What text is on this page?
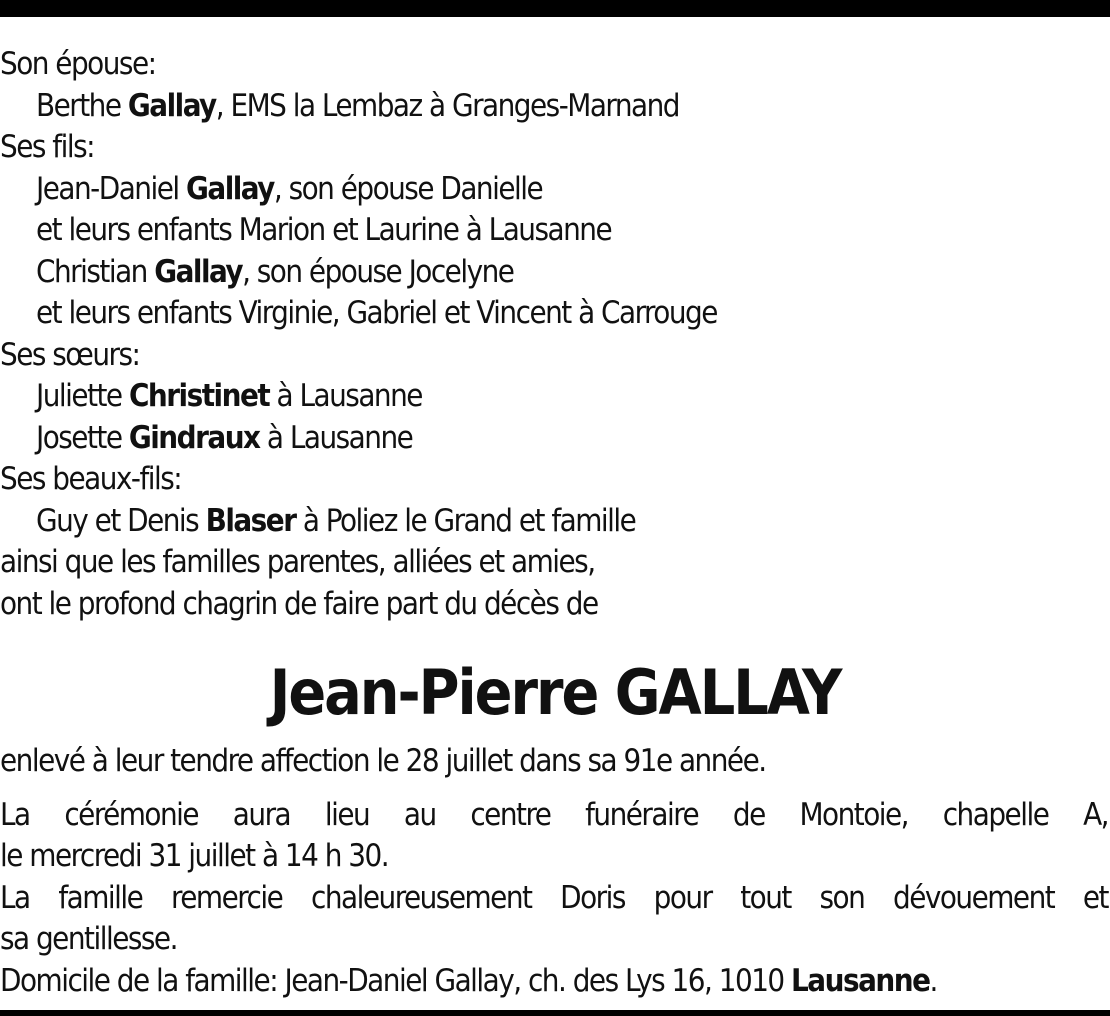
Son épouse:
Berthe Gallay, EMS la Lembaz à Granges-Marnand
Ses fils:
Jean-Daniel Gallay, son épouse Danielle
et leurs enfants Marion et Laurine à Lausanne
Christian Gallay, son épouse Jocelyne
et leurs enfants Virginie, Gabriel et Vincent à Carrouge
Ses sœurs:
Juliette Christinet à Lausanne
Josette Gindraux à Lausanne
Ses beaux-fils:
Guy et Denis Blaser à Poliez le Grand et famille
ainsi que les familles parentes, alliées et amies,
ont le profond chagrin de faire part du décès de
Jean-Pierre GALLAY
enlevé à leur tendre affection le 28 juillet dans sa 91e année.
La cérémonie aura lieu au centre funéraire de Montoie, chapelle A,
le mercredi 31 juillet à 14 h 30.
La famille remercie chaleureusement Doris pour tout son dévouement et
sa gentillesse.
Domicile de la famille: Jean-Daniel Gallay, ch. des Lys 16, 1010 Lausanne.
